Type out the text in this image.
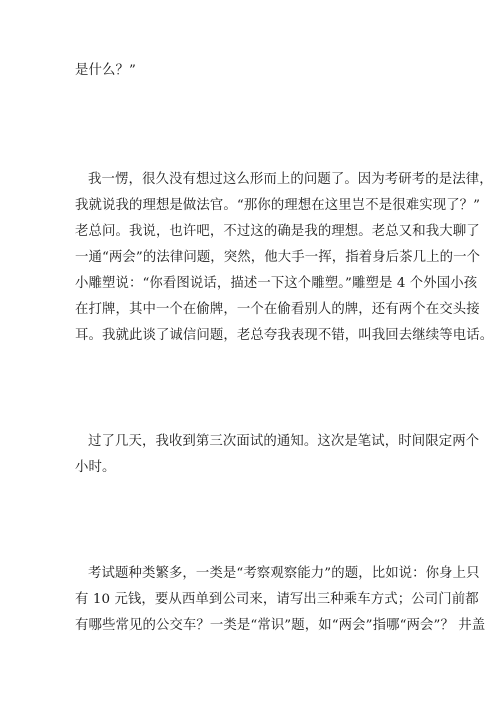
是什么？”
我一愣，很久没有想过这么形而上的问题了。因为考研考的是法律，
我就说我的理想是做法官。“那你的理想在这里岂不是很难实现了？”
老总问。我说，也许吧，不过这的确是我的理想。老总又和我大聊了
一通“两会”的法律问题，突然，他大手一挥，指着身后茶几上的一个
小雕塑说：“你看图说话，描述一下这个雕塑。”雕塑是 4 个外国小孩
在打牌，其中一个在偷牌，一个在偷看别人的牌，还有两个在交头接
耳。我就此谈了诚信问题，老总夸我表现不错，叫我回去继续等电话。
过了几天，我收到第三次面试的通知。这次是笔试，时间限定两个
小时。
考试题种类繁多，一类是“考察观察能力”的题，比如说：你身上只
有 10 元钱，要从西单到公司来，请写出三种乘车方式；公司门前都
有哪些常见的公交车？一类是“常识”题，如“两会”指哪“两会”？ 井盖
